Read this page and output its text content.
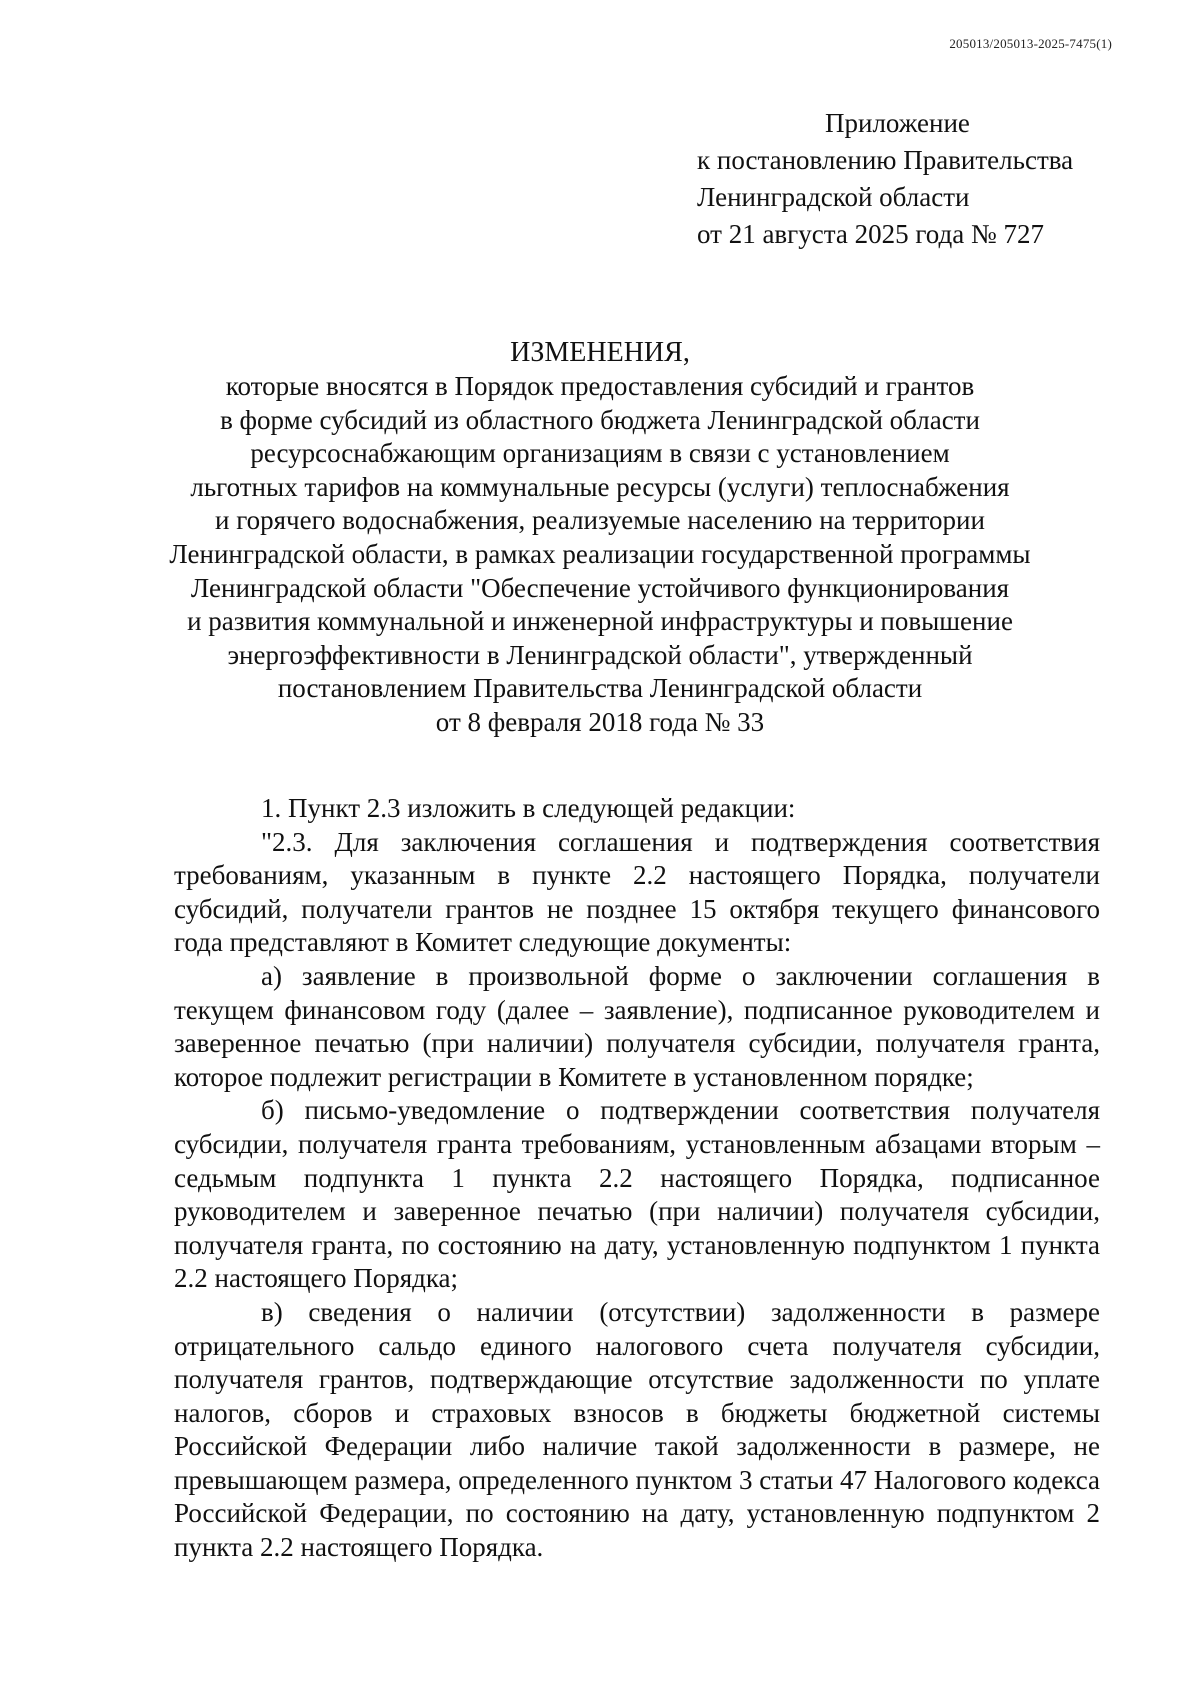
205013/205013-2025-7475(1)
Приложение
к постановлению Правительства
Ленинградской области
от 21 августа 2025 года № 727
ИЗМЕНЕНИЯ,
которые вносятся в Порядок предоставления субсидий и грантов
в форме субсидий из областного бюджета Ленинградской области
ресурсоснабжающим организациям в связи с установлением
льготных тарифов на коммунальные ресурсы (услуги) теплоснабжения
и горячего водоснабжения, реализуемые населению на территории
Ленинградской области, в рамках реализации государственной программы
Ленинградской области "Обеспечение устойчивого функционирования
и развития коммунальной и инженерной инфраструктуры и повышение
энергоэффективности в Ленинградской области", утвержденный
постановлением Правительства Ленинградской области
от 8 февраля 2018 года № 33

1. Пункт 2.3 изложить в следующей редакции:

"2.3. Для заключения соглашения и подтверждения соответствия требованиям, указанным в пункте 2.2 настоящего Порядка, получатели субсидий, получатели грантов не позднее 15 октября текущего финансового года представляют в Комитет следующие документы:

а) заявление в произвольной форме о заключении соглашения в текущем финансовом году (далее – заявление), подписанное руководителем и заверенное печатью (при наличии) получателя субсидии, получателя гранта, которое подлежит регистрации в Комитете в установленном порядке;

б) письмо-уведомление о подтверждении соответствия получателя субсидии, получателя гранта требованиям, установленным абзацами вторым – седьмым подпункта 1 пункта 2.2 настоящего Порядка, подписанное руководителем и заверенное печатью (при наличии) получателя субсидии, получателя гранта, по состоянию на дату, установленную подпунктом 1 пункта 2.2 настоящего Порядка;

в) сведения о наличии (отсутствии) задолженности в размере отрицательного сальдо единого налогового счета получателя субсидии, получателя грантов, подтверждающие отсутствие задолженности по уплате налогов, сборов и страховых взносов в бюджеты бюджетной системы Российской Федерации либо наличие такой задолженности в размере, не превышающем размера, определенного пунктом 3 статьи 47 Налогового кодекса Российской Федерации, по состоянию на дату, установленную подпунктом 2 пункта 2.2 настоящего Порядка.
